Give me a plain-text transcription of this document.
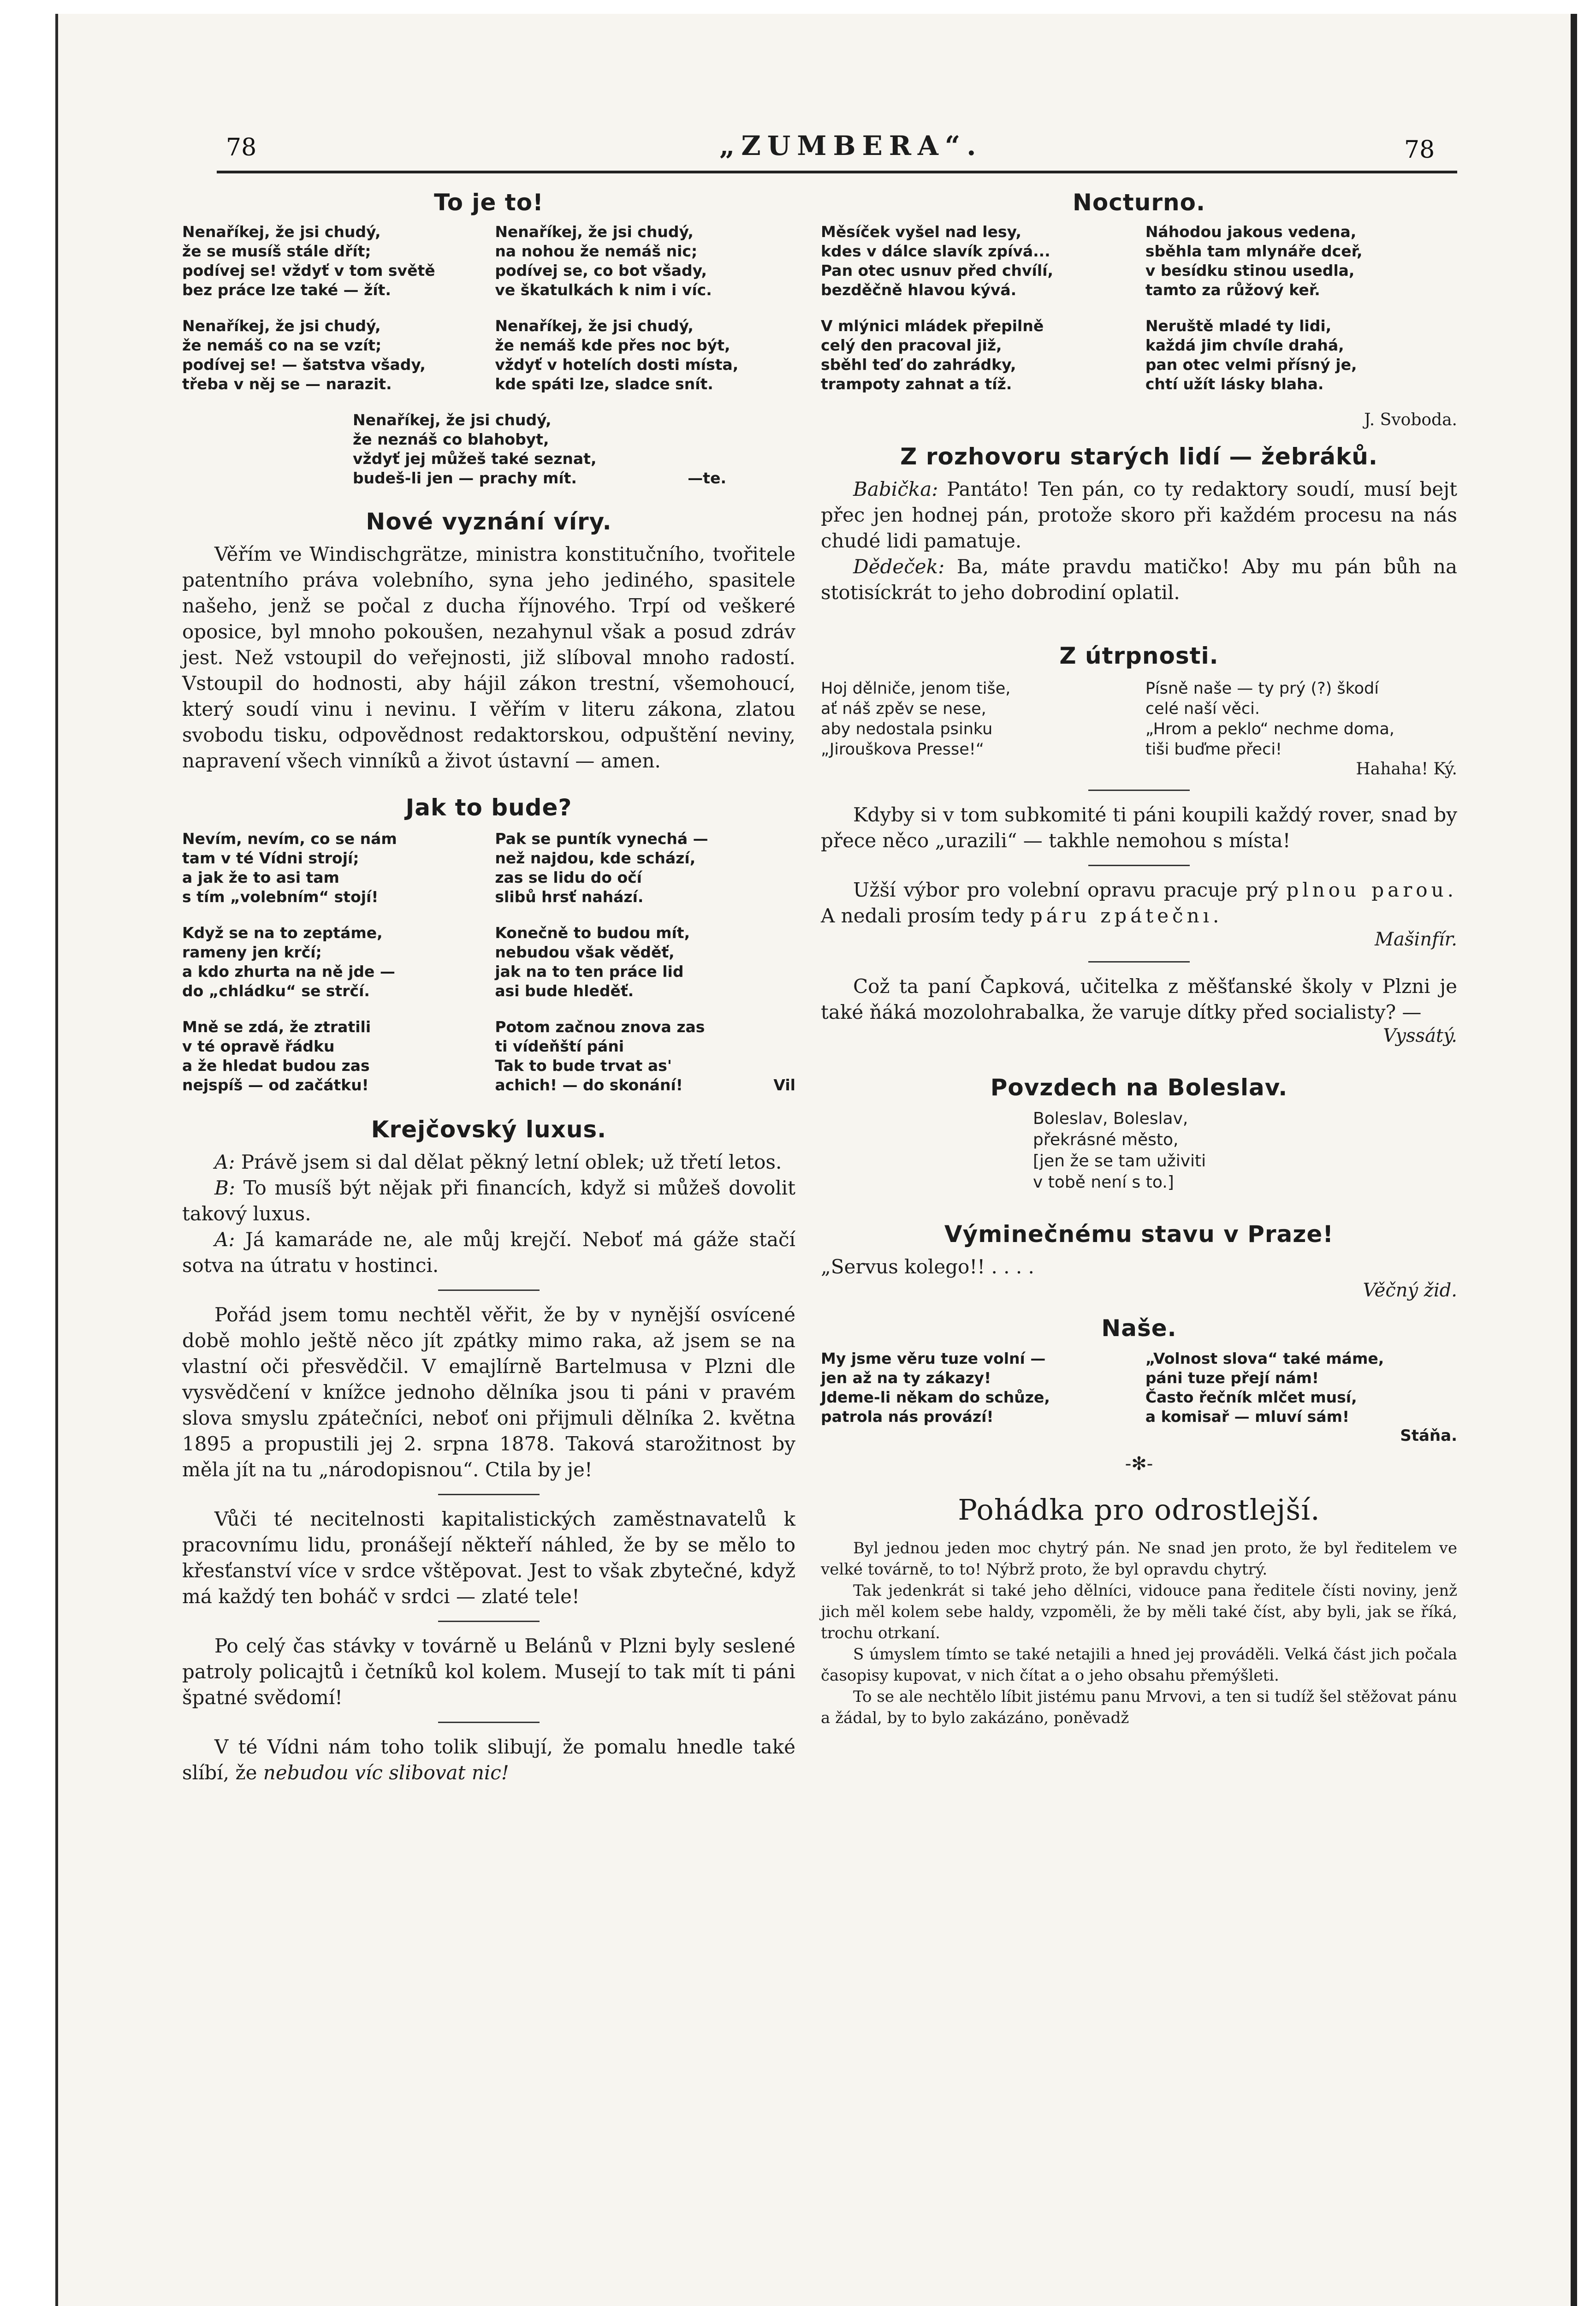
78	„ZUMBERA“.	78
To je to!
Nenaříkej, že jsi chudý,
že se musíš stále dřít;
podívej se! vždyť v tom světě
bez práce lze také — žít.
Nenaříkej, že jsi chudý,
že nemáš co na se vzít;
podívej se! — šatstva všady,
třeba v něj se — narazit.
Nenaříkej, že jsi chudý,
na nohou že nemáš nic;
podívej se, co bot všady,
ve škatulkách k nim i víc.
Nenaříkej, že jsi chudý,
že nemáš kde přes noc být,
vždyť v hotelích dosti místa,
kde spáti lze, sladce snít.
Nenaříkej, že jsi chudý,
že neznáš co blahobyt,
vždyť jej můžeš také seznat,
budeš-li jen — prachy mít.	—te.
Nové vyznání víry.

Věřím ve Windischgrätze, ministra konstitučního, tvořitele patentního práva volebního, syna jeho jediného, spasitele našeho, jenž se počal z ducha říjnového. Trpí od veškeré oposice, byl mnoho pokoušen, nezahynul však a posud zdráv jest. Než vstoupil do veřejnosti, již slíboval mnoho radostí. Vstoupil do hodnosti, aby hájil zákon trestní, všemohoucí, který soudí vinu i nevinu. I věřím v literu zákona, zlatou svobodu tisku, odpovědnost redaktorskou, odpuštění neviny, napravení všech vinníků a život ústavní — amen.

Jak to bude?
Nevím, nevím, co se nám
tam v té Vídni strojí;
a jak že to asi tam
s tím „volebním“ stojí!
Když se na to zeptáme,
rameny jen krčí;
a kdo zhurta na ně jde —
do „chládku“ se strčí.
Mně se zdá, že ztratili
v té opravě řádku
a že hledat budou zas
nejspíš — od začátku!
Pak se puntík vynechá —
než najdou, kde schází,
zas se lidu do očí
slibů hrsť nahází.
Konečně to budou mít,
nebudou však věděť,
jak na to ten práce lid
asi bude hleděť.
Potom začnou znova zas
ti vídeňští páni
Tak to bude trvat as'
achich! — do skonání!	Vil
Krejčovský luxus.

A: Právě jsem si dal dělat pěkný letní oblek; už třetí letos.

B: To musíš být nějak při financích, když si můžeš dovolit takový luxus.

A: Já kamaráde ne, ale můj krejčí. Neboť má gáže stačí sotva na útratu v hostinci.

Pořád jsem tomu nechtěl věřit, že by v nynější osvícené době mohlo ještě něco jít zpátky mimo raka, až jsem se na vlastní oči přesvědčil. V emajlírně Bartelmusa v Plzni dle vysvědčení v knížce jednoho dělníka jsou ti páni v pravém slova smyslu zpátečníci, neboť oni přijmuli dělníka 2. května 1895 a propustili jej 2. srpna 1878. Taková starožitnost by měla jít na tu „národopisnou“. Ctila by je!

Vůči té necitelnosti kapitalistických zaměstnavatelů k pracovnímu lidu, pronášejí někteří náhled, že by se mělo to křesťanství více v srdce vštěpovat. Jest to však zbytečné, když má každý ten boháč v srdci — zlaté tele!

Po celý čas stávky v továrně u Belánů v Plzni byly seslené patroly policajtů i četníků kol kolem. Musejí to tak mít ti páni špatné svědomí!

V té Vídni nám toho tolik slibují, že pomalu hnedle také slíbí, že nebudou víc slibovat nic!

Nocturno.
Měsíček vyšel nad lesy,
kdes v dálce slavík zpívá...
Pan otec usnuv před chvílí,
bezděčně hlavou kývá.
V mlýnici mládek přepilně
celý den pracoval již,
sběhl teď do zahrádky,
trampoty zahnat a tíž.
Náhodou jakous vedena,
sběhla tam mlynáře dceř,
v besídku stinou usedla,
tamto za růžový keř.
Neruště mladé ty lidi,
každá jim chvíle drahá,
pan otec velmi přísný je,
chtí užít lásky blaha.

J. Svoboda.

Z rozhovoru starých lidí — žebráků.

Babička: Pantáto! Ten pán, co ty redaktory soudí, musí bejt přec jen hodnej pán, protože skoro při každém procesu na nás chudé lidi pamatuje.

Dědeček: Ba, máte pravdu matičko! Aby mu pán bůh na stotisíckrát to jeho dobrodiní oplatil.

Z útrpnosti.
Hoj dělniče, jenom tiše,
ať náš zpěv se nese,
aby nedostala psinku
„Jirouškova Presse!“
Písně naše — ty prý (?) škodí
celé naší věci.
„Hrom a peklo“ nechme doma,
tiši buďme přeci!

Hahaha! Ký.

Kdyby si v tom subkomité ti páni koupili každý rover, snad by přece něco „urazili“ — takhle nemohou s místa!

Užší výbor pro volební opravu pracuje prý plnou parou. A nedali prosím tedy páru zpátečnı.

Mašinfír.

Což ta paní Čapková, učitelka z měšťanské školy v Plzni je také ňáká mozolohrabalka, že varuje dítky před socialisty? —

Vyssátý.

Povzdech na Boleslav.
Boleslav, Boleslav,
překrásné město,
[jen že se tam uživiti
v tobě není s to.]
Výminečnému stavu v Praze!

„Servus kolego!! . . . .

Věčný žid.

Naše.
My jsme věru tuze volní —
jen až na ty zákazy!
Jdeme-li někam do schůze,
patrola nás provází!
„Volnost slova“ také máme,
páni tuze přejí nám!
Často řečník mlčet musí,
a komisař — mluví sám!

Stáňa.

-✻-
Pohádka pro odrostlejší.

Byl jednou jeden moc chytrý pán. Ne snad jen proto, že byl ředitelem ve velké továrně, to to! Nýbrž proto, že byl opravdu chytrý.

Tak jedenkrát si také jeho dělníci, vidouce pana ředitele čísti noviny, jenž jich měl kolem sebe haldy, vzpoměli, že by měli také číst, aby byli, jak se říká, trochu otrkaní.

S úmyslem tímto se také netajili a hned jej prováděli. Velká část jich počala časopisy kupovat, v nich čítat a o jeho obsahu přemýšleti.

To se ale nechtělo líbit jistému panu Mrvovi, a ten si tudíž šel stěžovat pánu a žádal, by to bylo zakázáno, poněvadž
